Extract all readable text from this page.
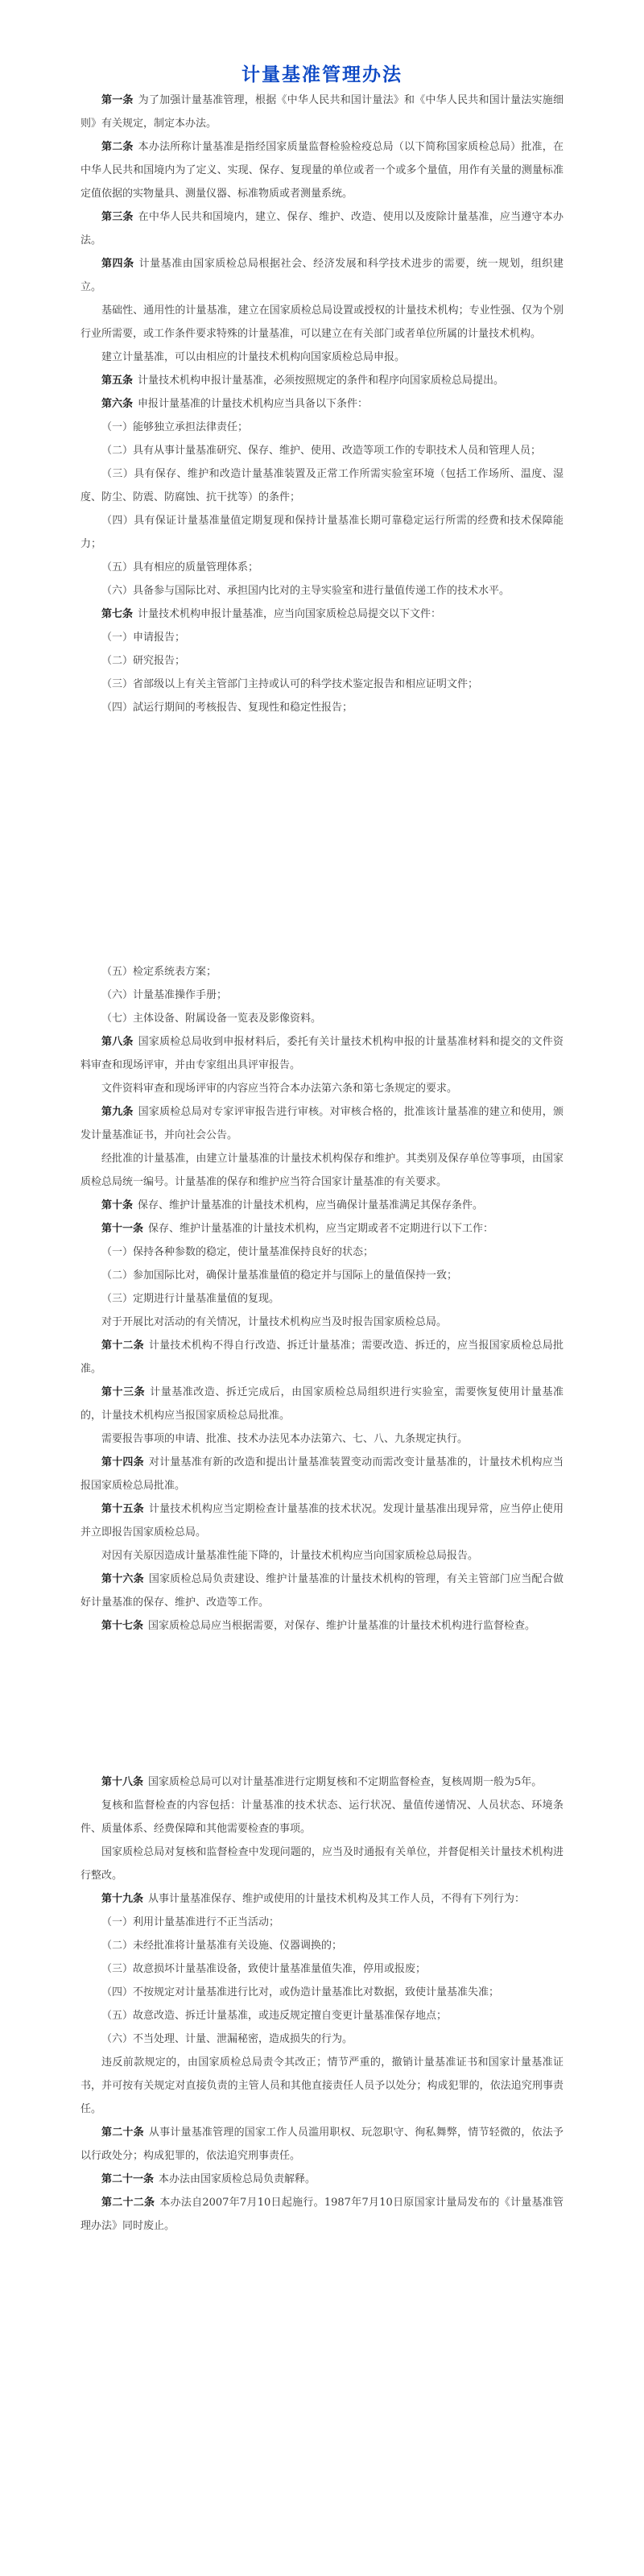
计量基准管理办法

第一条 为了加强计量基准管理，根据《中华人民共和国计量法》和《中华人民共和国计量法实施细则》有关规定，制定本办法。

第二条 本办法所称计量基准是指经国家质量监督检验检疫总局（以下简称国家质检总局）批准，在中华人民共和国境内为了定义、实现、保存、复现量的单位或者一个或多个量值，用作有关量的测量标准定值依据的实物量具、测量仪器、标准物质或者测量系统。

第三条 在中华人民共和国境内，建立、保存、维护、改造、使用以及废除计量基准，应当遵守本办法。

第四条 计量基准由国家质检总局根据社会、经济发展和科学技术进步的需要，统一规划，组织建立。

基础性、通用性的计量基准，建立在国家质检总局设置或授权的计量技术机构；专业性强、仅为个别行业所需要，或工作条件要求特殊的计量基准，可以建立在有关部门或者单位所属的计量技术机构。

建立计量基准，可以由相应的计量技术机构向国家质检总局申报。

第五条 计量技术机构申报计量基准，必须按照规定的条件和程序向国家质检总局提出。

第六条 申报计量基准的计量技术机构应当具备以下条件：

（一）能够独立承担法律责任；

（二）具有从事计量基准研究、保存、维护、使用、改造等项工作的专职技术人员和管理人员；

（三）具有保存、维护和改造计量基准装置及正常工作所需实验室环境（包括工作场所、温度、湿度、防尘、防震、防腐蚀、抗干扰等）的条件；

（四）具有保证计量基准量值定期复现和保持计量基准长期可靠稳定运行所需的经费和技术保障能力；

（五）具有相应的质量管理体系；

（六）具备参与国际比对、承担国内比对的主导实验室和进行量值传递工作的技术水平。

第七条 计量技术机构申报计量基准，应当向国家质检总局提交以下文件：

（一）申请报告；

（二）研究报告；

（三）省部级以上有关主管部门主持或认可的科学技术鉴定报告和相应证明文件；

（四）試运行期间的考核报告、复现性和稳定性报告；

（五）检定系统表方案；

（六）计量基准操作手册；

（七）主体设备、附属设备一览表及影像资料。

第八条 国家质检总局收到申报材料后，委托有关计量技术机构申报的计量基准材料和提交的文件资料审查和现场评审，并由专家组出具评审报告。

文件资料审查和现场评审的内容应当符合本办法第六条和第七条规定的要求。

第九条 国家质检总局对专家评审报告进行审核。对审核合格的，批准该计量基准的建立和使用，颁发计量基准证书，并向社会公告。

经批准的计量基准，由建立计量基准的计量技术机构保存和维护。其类别及保存单位等事项，由国家质检总局统一编号。计量基准的保存和维护应当符合国家计量基准的有关要求。

第十条 保存、维护计量基准的计量技术机构，应当确保计量基准满足其保存条件。

第十一条 保存、维护计量基准的计量技术机构，应当定期或者不定期进行以下工作：

（一）保持各种参数的稳定，使计量基准保持良好的状态；

（二）参加国际比对，确保计量基准量值的稳定并与国际上的量值保持一致；

（三）定期进行计量基准量值的复现。

对于开展比对活动的有关情况，计量技术机构应当及时报告国家质检总局。

第十二条 计量技术机构不得自行改造、拆迁计量基准；需要改造、拆迁的，应当报国家质检总局批准。

第十三条 计量基准改造、拆迁完成后，由国家质检总局组织进行实验室，需要恢复使用计量基准的，计量技术机构应当报国家质检总局批准。

需要报告事项的申请、批准、技术办法见本办法第六、七、八、九条规定执行。

第十四条 对计量基准有新的改造和提出计量基准装置变动而需改变计量基准的，计量技术机构应当报国家质检总局批准。

第十五条 计量技术机构应当定期检查计量基准的技术状况。发现计量基准出现异常，应当停止使用并立即报告国家质检总局。

对因有关原因造成计量基准性能下降的，计量技术机构应当向国家质检总局报告。

第十六条 国家质检总局负责建设、维护计量基准的计量技术机构的管理，有关主管部门应当配合做好计量基准的保存、维护、改造等工作。

第十七条 国家质检总局应当根据需要，对保存、维护计量基准的计量技术机构进行监督检查。

第十八条 国家质检总局可以对计量基准进行定期复核和不定期监督检查，复核周期一般为5年。

复核和监督检查的内容包括：计量基准的技术状态、运行状况、量值传递情况、人员状态、环境条件、质量体系、经费保障和其他需要检查的事项。

国家质检总局对复核和监督检查中发现问题的，应当及时通报有关单位，并督促相关计量技术机构进行整改。

第十九条 从事计量基准保存、维护或使用的计量技术机构及其工作人员，不得有下列行为：

（一）利用计量基准进行不正当活动；

（二）未经批准将计量基准有关设施、仪器调换的；

（三）故意损坏计量基准设备，致使计量基准量值失准，停用或报废；

（四）不按规定对计量基准进行比对，或伪造计量基准比对数据，致使计量基准失准；

（五）故意改造、拆迁计量基准，或违反规定擅自变更计量基准保存地点；

（六）不当处理、计量、泄漏秘密，造成损失的行为。

违反前款规定的，由国家质检总局责令其改正；情节严重的，撤销计量基准证书和国家计量基准证书，并可按有关规定对直接负责的主管人员和其他直接责任人员予以处分；构成犯罪的，依法追究刑事责任。

第二十条 从事计量基准管理的国家工作人员滥用职权、玩忽职守、徇私舞弊，情节轻微的，依法予以行政处分；构成犯罪的，依法追究刑事责任。

第二十一条 本办法由国家质检总局负责解释。

第二十二条 本办法自2007年7月10日起施行。1987年7月10日原国家计量局发布的《计量基准管理办法》同时废止。
